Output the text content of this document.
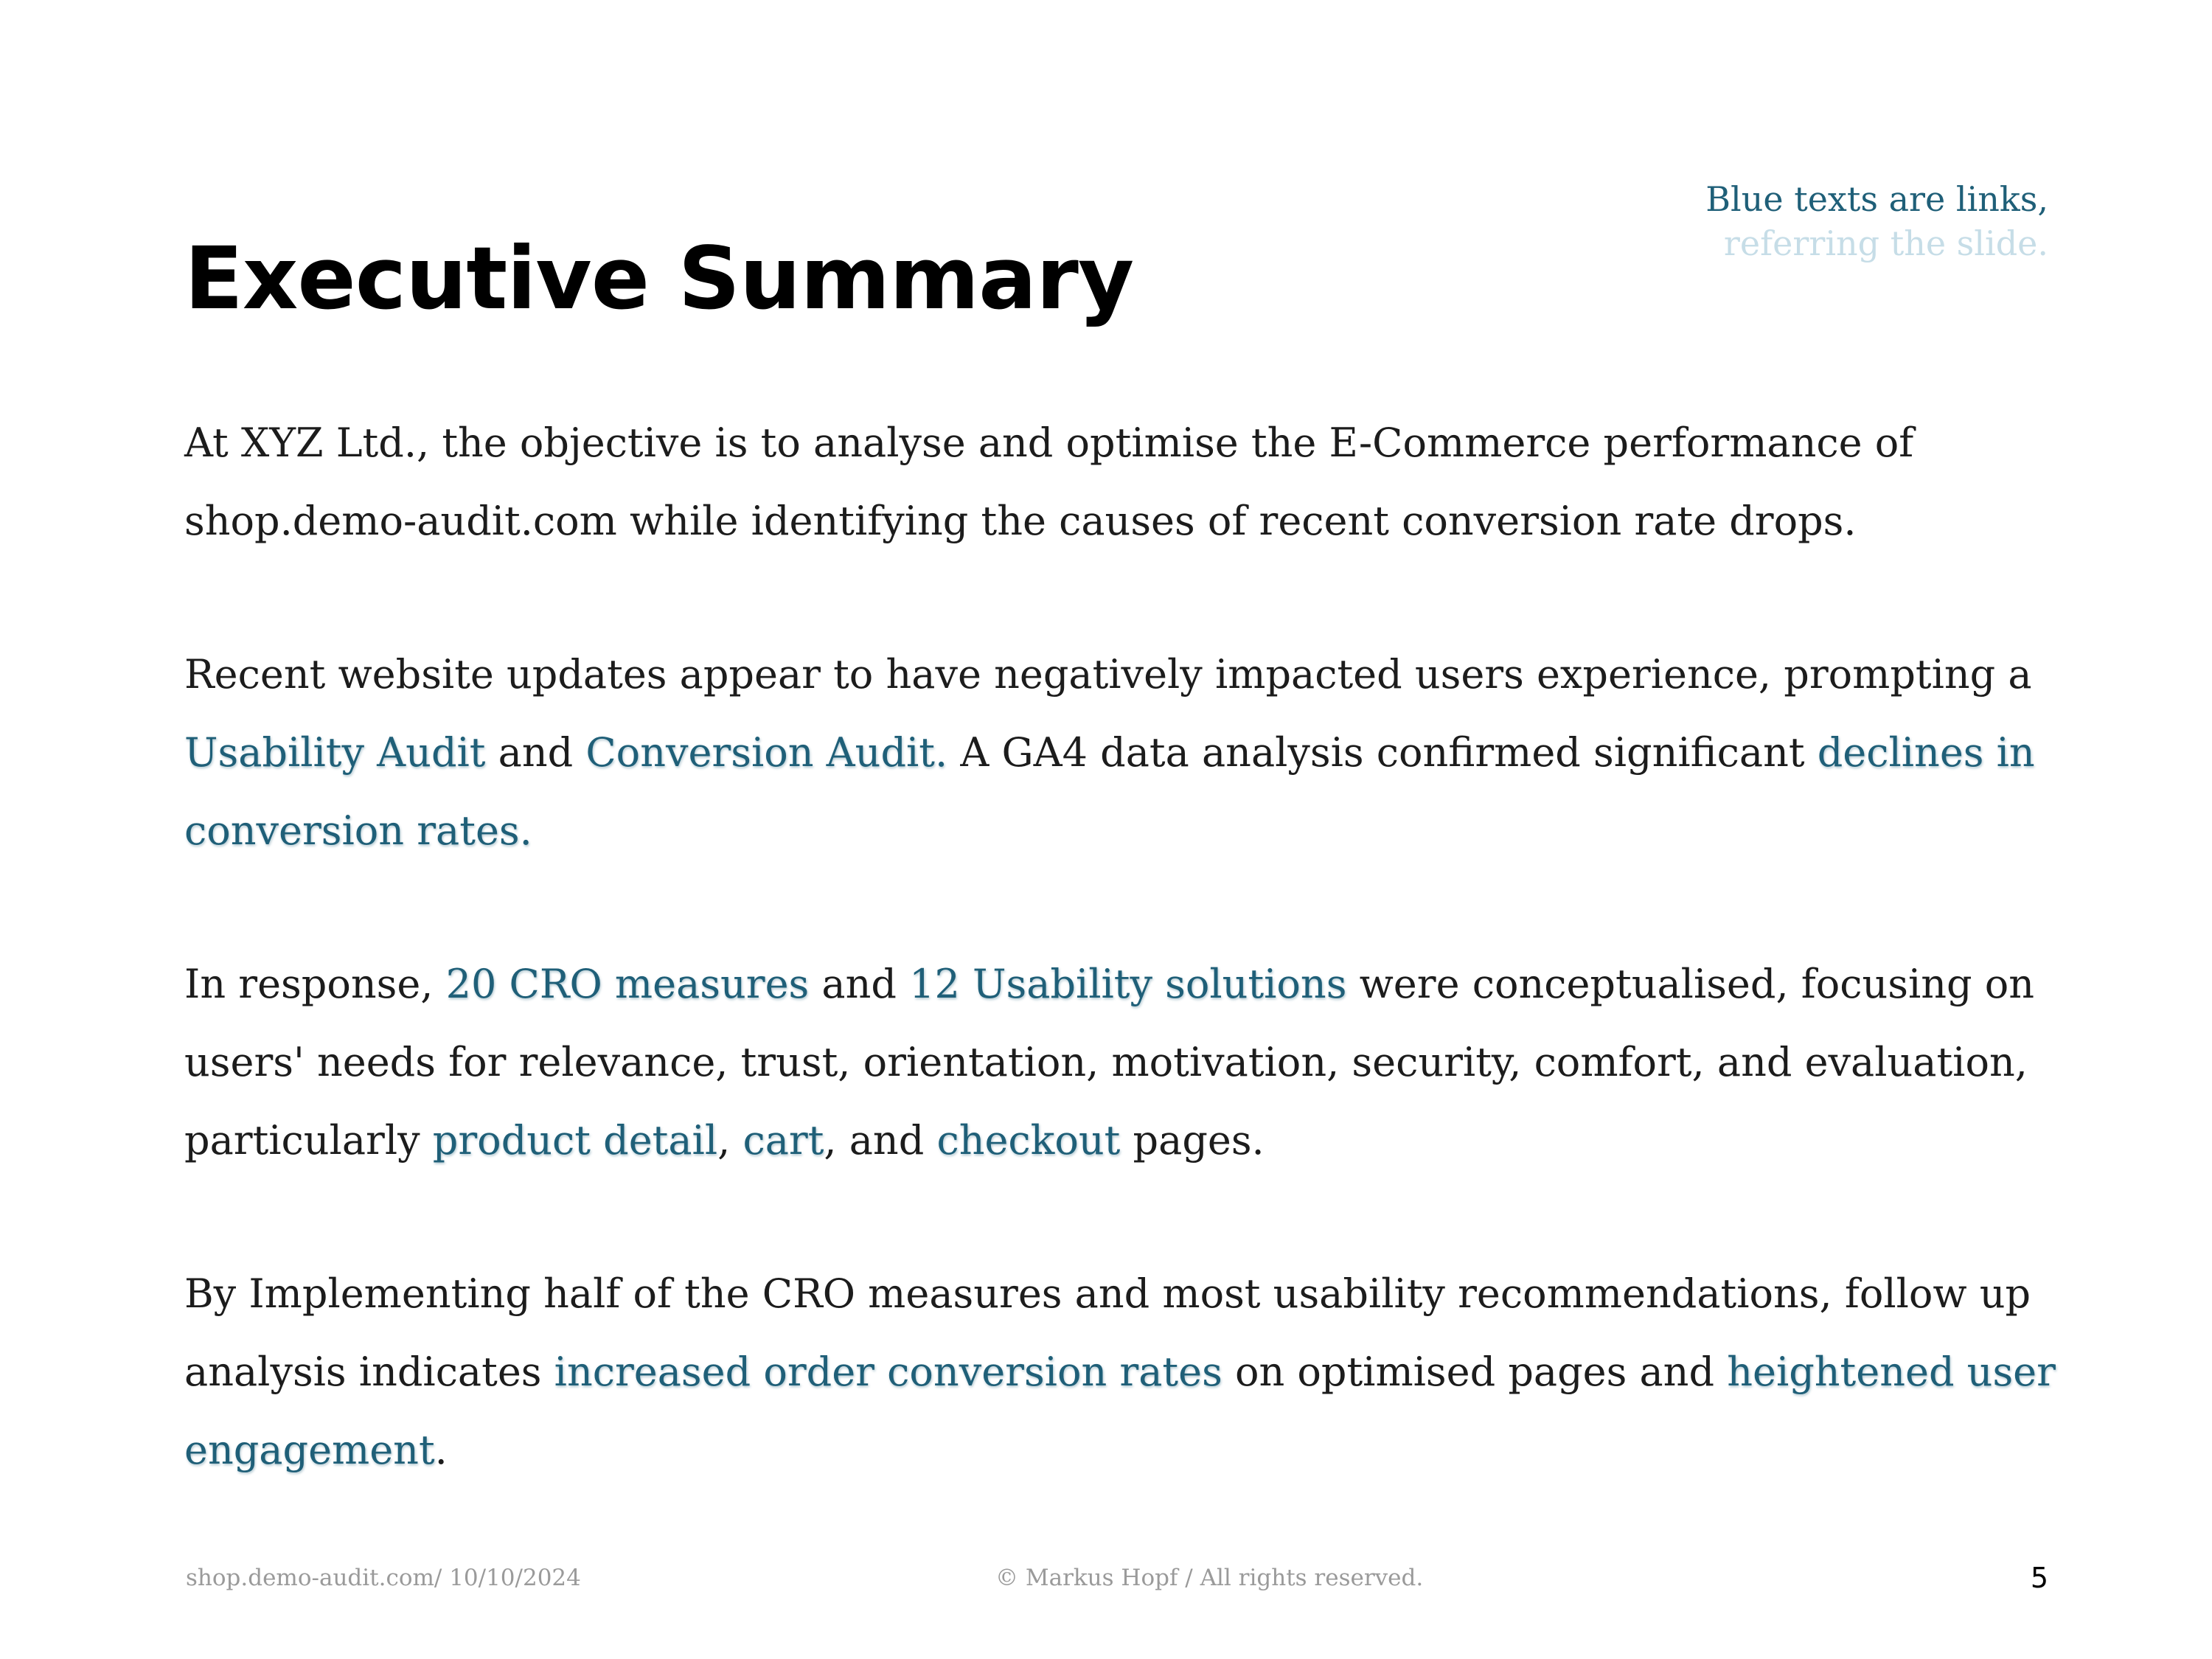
Blue texts are links,
referring the slide.
Executive Summary

At XYZ Ltd., the objective is to analyse and optimise the E-Commerce performance of shop.demo-audit.com while identifying the causes of recent conversion rate drops.

Recent website updates appear to have negatively impacted users experience, prompting a Usability Audit and Conversion Audit. A GA4 data analysis confirmed significant declines in conversion rates.

In response, 20 CRO measures and 12 Usability solutions were conceptualised, focusing on users' needs for relevance, trust, orientation, motivation, security, comfort, and evaluation, particularly product detail, cart, and checkout pages.

By Implementing half of the CRO measures and most usability recommendations, follow up analysis indicates increased order conversion rates on optimised pages and heightened user engagement.

shop.demo-audit.com/ 10/10/2024	© Markus Hopf / All rights reserved.	5
